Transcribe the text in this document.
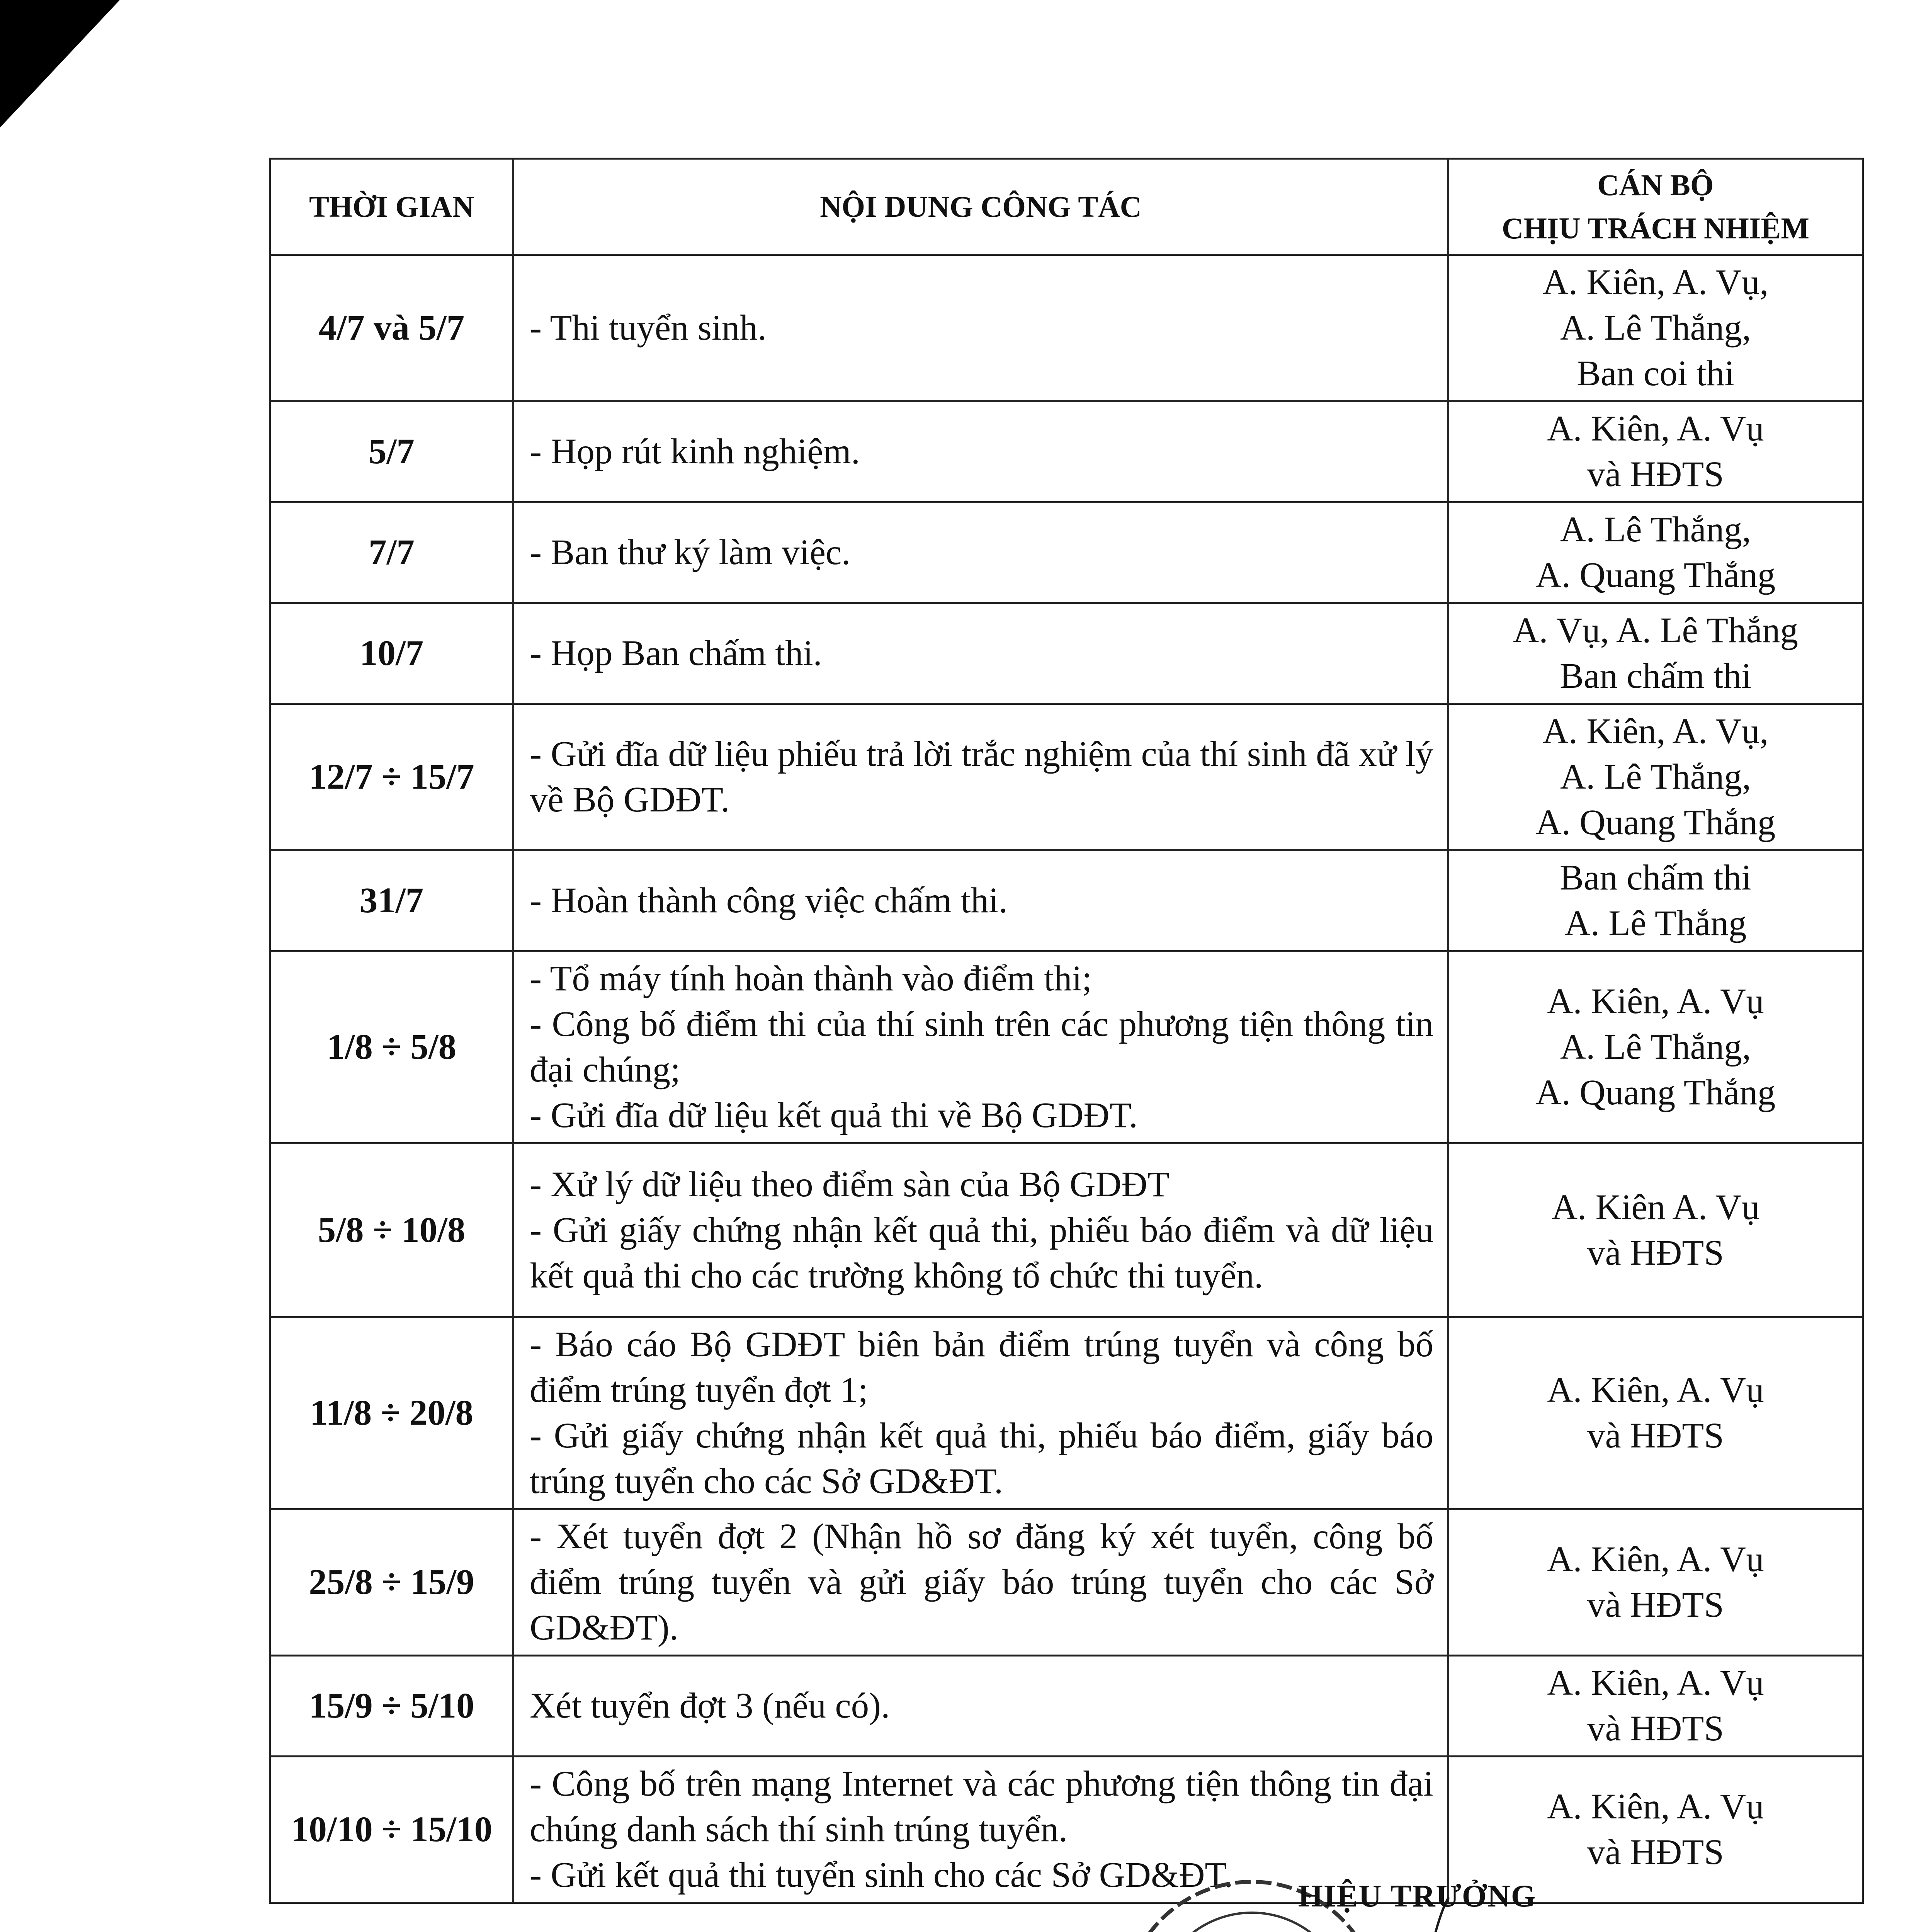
THỜI GIAN	NỘI DUNG CÔNG TÁC	CÁN BỘ
CHỊU TRÁCH NHIỆM

4/7 và 5/7	- Thi tuyển sinh.	A. Kiên, A. Vụ,
A. Lê Thắng,
Ban coi thi

5/7	- Họp rút kinh nghiệm.	A. Kiên, A. Vụ
và HĐTS

7/7	- Ban thư ký làm việc.	A. Lê Thắng,
A. Quang Thắng

10/7	- Họp Ban chấm thi.	A. Vụ, A. Lê Thắng
Ban chấm thi

12/7 ÷ 15/7	- Gửi đĩa dữ liệu phiếu trả lời trắc nghiệm của thí sinh đã xử lý về Bộ GDĐT.	A. Kiên, A. Vụ,
A. Lê Thắng,
A. Quang Thắng

31/7	- Hoàn thành công việc chấm thi.	Ban chấm thi
A. Lê Thắng

1/8 ÷ 5/8	- Tổ máy tính hoàn thành vào điểm thi;
- Công bố điểm thi của thí sinh trên các phương tiện thông tin đại chúng;
- Gửi đĩa dữ liệu kết quả thi về Bộ GDĐT.	A. Kiên, A. Vụ
A. Lê Thắng,
A. Quang Thắng

5/8 ÷ 10/8	- Xử lý dữ liệu theo điểm sàn của Bộ GDĐT
- Gửi giấy chứng nhận kết quả thi, phiếu báo điểm và dữ liệu kết quả thi cho các trường không tổ chức thi tuyển.	A. Kiên A. Vụ
và HĐTS

11/8 ÷ 20/8	- Báo cáo Bộ GDĐT biên bản điểm trúng tuyển và công bố điểm trúng tuyển đợt 1;
- Gửi giấy chứng nhận kết quả thi, phiếu báo điểm, giấy báo trúng tuyển cho các Sở GD&ĐT.	A. Kiên, A. Vụ
và HĐTS

25/8 ÷ 15/9	- Xét tuyển đợt 2 (Nhận hồ sơ đăng ký xét tuyển, công bố điểm trúng tuyển và gửi giấy báo trúng tuyển cho các Sở GD&ĐT).	A. Kiên, A. Vụ
và HĐTS

15/9 ÷ 5/10	Xét tuyển đợt 3 (nếu có).	A. Kiên, A. Vụ
và HĐTS

10/10 ÷ 15/10	- Công bố trên mạng Internet và các phương tiện thông tin đại chúng danh sách thí sinh trúng tuyển.
- Gửi kết quả thi tuyển sinh cho các Sở GD&ĐT.	A. Kiên, A. Vụ
và HĐTS
HIỆU TRƯỞNG
